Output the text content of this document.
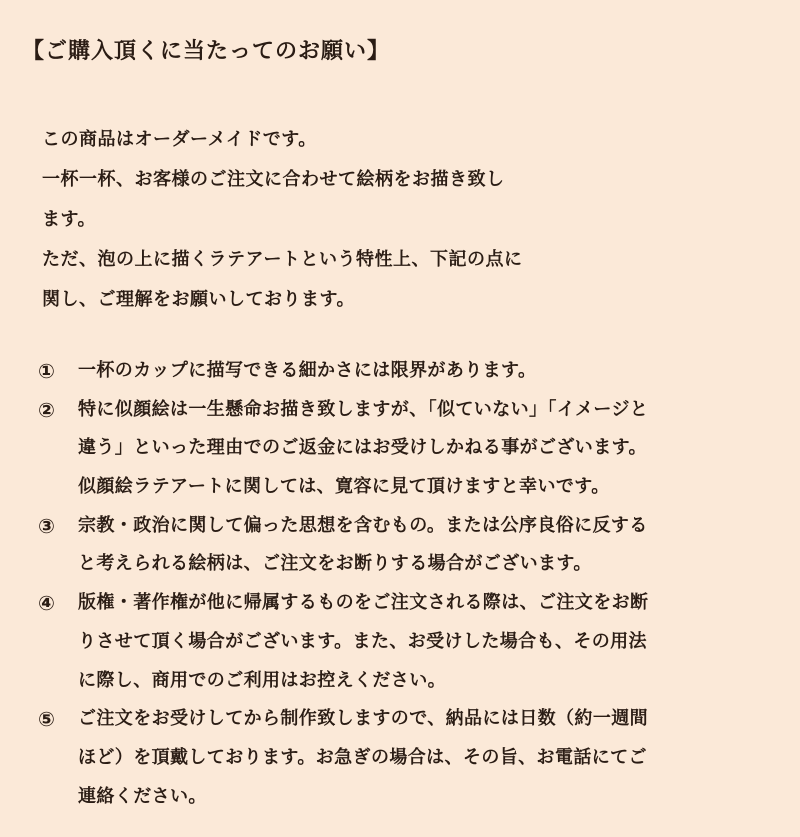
【ご購入頂くに当たってのお願い】
この商品はオーダーメイドです。
一杯一杯、お客様のご注文に合わせて絵柄をお描き致し
ます。
ただ、泡の上に描くラテアートという特性上、下記の点に
関し、ご理解をお願いしております。
①	一杯のカップに描写できる細かさには限界があります。
②	特に似顔絵は一生懸命お描き致しますが、「似ていない」「イメージと
違う」といった理由でのご返金にはお受けしかねる事がございます。
似顔絵ラテアートに関しては、寛容に見て頂けますと幸いです。
③	宗教・政治に関して偏った思想を含むもの。または公序良俗に反する
と考えられる絵柄は、ご注文をお断りする場合がございます。
④	版権・著作権が他に帰属するものをご注文される際は、ご注文をお断
りさせて頂く場合がございます。また、お受けした場合も、その用法
に際し、商用でのご利用はお控えください。
⑤	ご注文をお受けしてから制作致しますので、納品には日数（約一週間
ほど）を頂戴しております。お急ぎの場合は、その旨、お電話にてご
連絡ください。
